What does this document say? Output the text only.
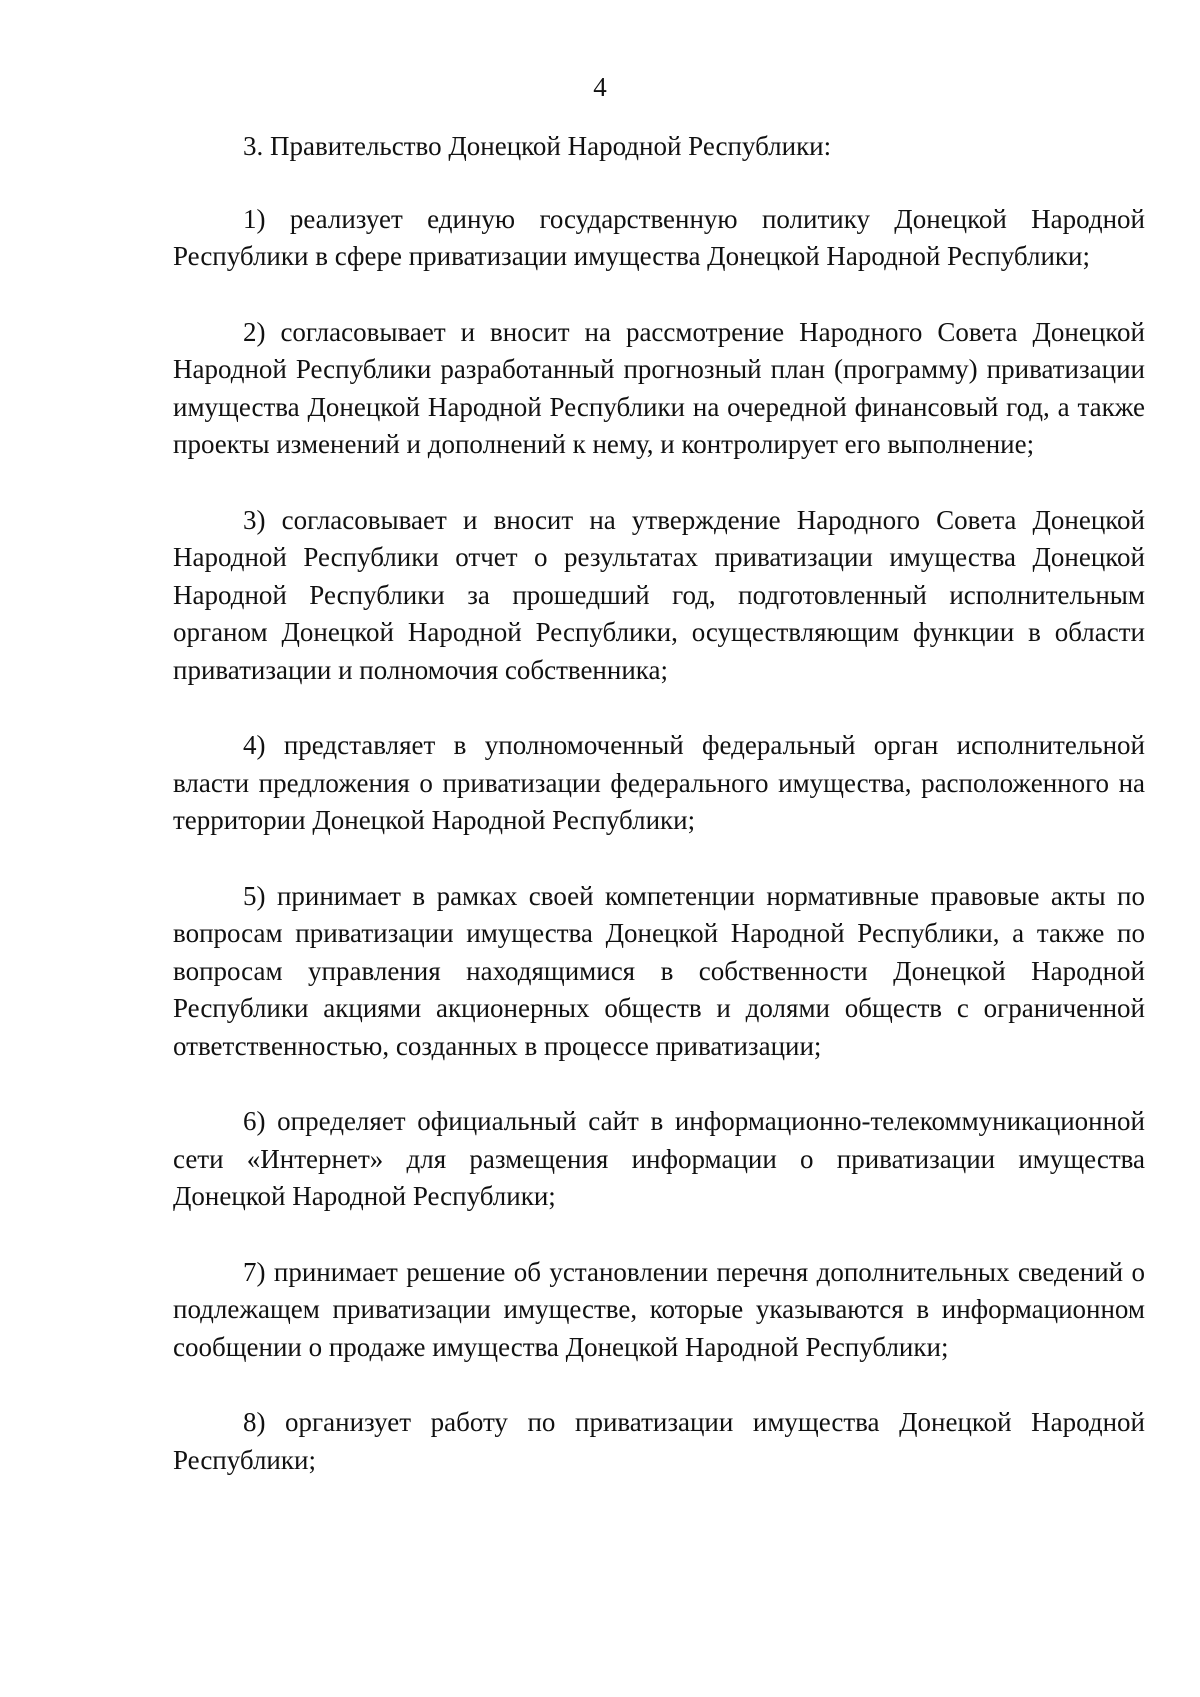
4

3. Правительство Донецкой Народной Республики:

1) реализует единую государственную политику Донецкой Народной Республики в сфере приватизации имущества Донецкой Народной Республики;

2) согласовывает и вносит на рассмотрение Народного Совета Донецкой Народной Республики разработанный прогнозный план (программу) приватизации имущества Донецкой Народной Республики на очередной финансовый год, а также проекты изменений и дополнений к нему, и контролирует его выполнение;

3) согласовывает и вносит на утверждение Народного Совета Донецкой Народной Республики отчет о результатах приватизации имущества Донецкой Народной Республики за прошедший год, подготовленный исполнительным органом Донецкой Народной Республики, осуществляющим функции в области приватизации и полномочия собственника;

4) представляет в уполномоченный федеральный орган исполнительной власти предложения о приватизации федерального имущества, расположенного на территории Донецкой Народной Республики;

5) принимает в рамках своей компетенции нормативные правовые акты по вопросам приватизации имущества Донецкой Народной Республики, а также по вопросам управления находящимися в собственности Донецкой Народной Республики акциями акционерных обществ и долями обществ с ограниченной ответственностью, созданных в процессе приватизации;

6) определяет официальный сайт в информационно-телекоммуникационной сети «Интернет» для размещения информации о приватизации имущества Донецкой Народной Республики;

7) принимает решение об установлении перечня дополнительных сведений о подлежащем приватизации имуществе, которые указываются в информационном сообщении о продаже имущества Донецкой Народной Республики;

8) организует работу по приватизации имущества Донецкой Народной Республики;
